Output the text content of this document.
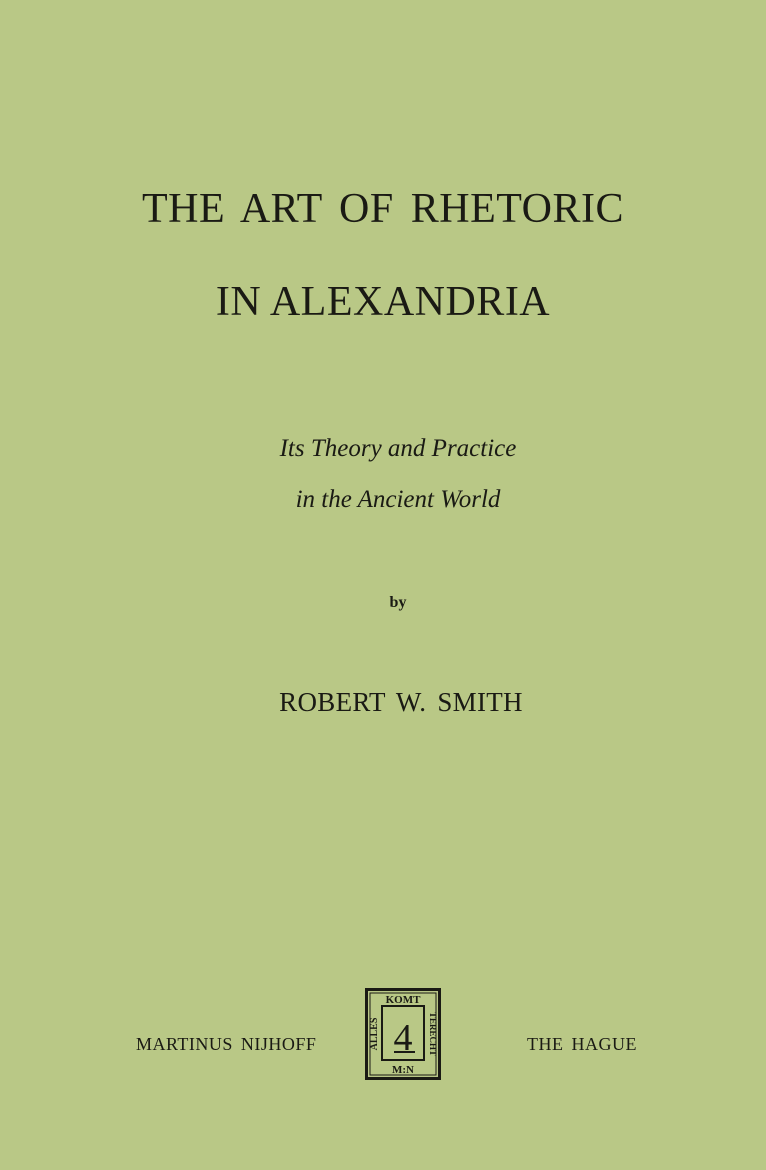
THE ART OF RHETORIC
IN ALEXANDRIA
Its Theory and Practice
in the Ancient World
by
ROBERT W. SMITH
MARTINUS NIJHOFF
KOMT
ALLES	TERECHT
4
M:N
THE HAGUE
